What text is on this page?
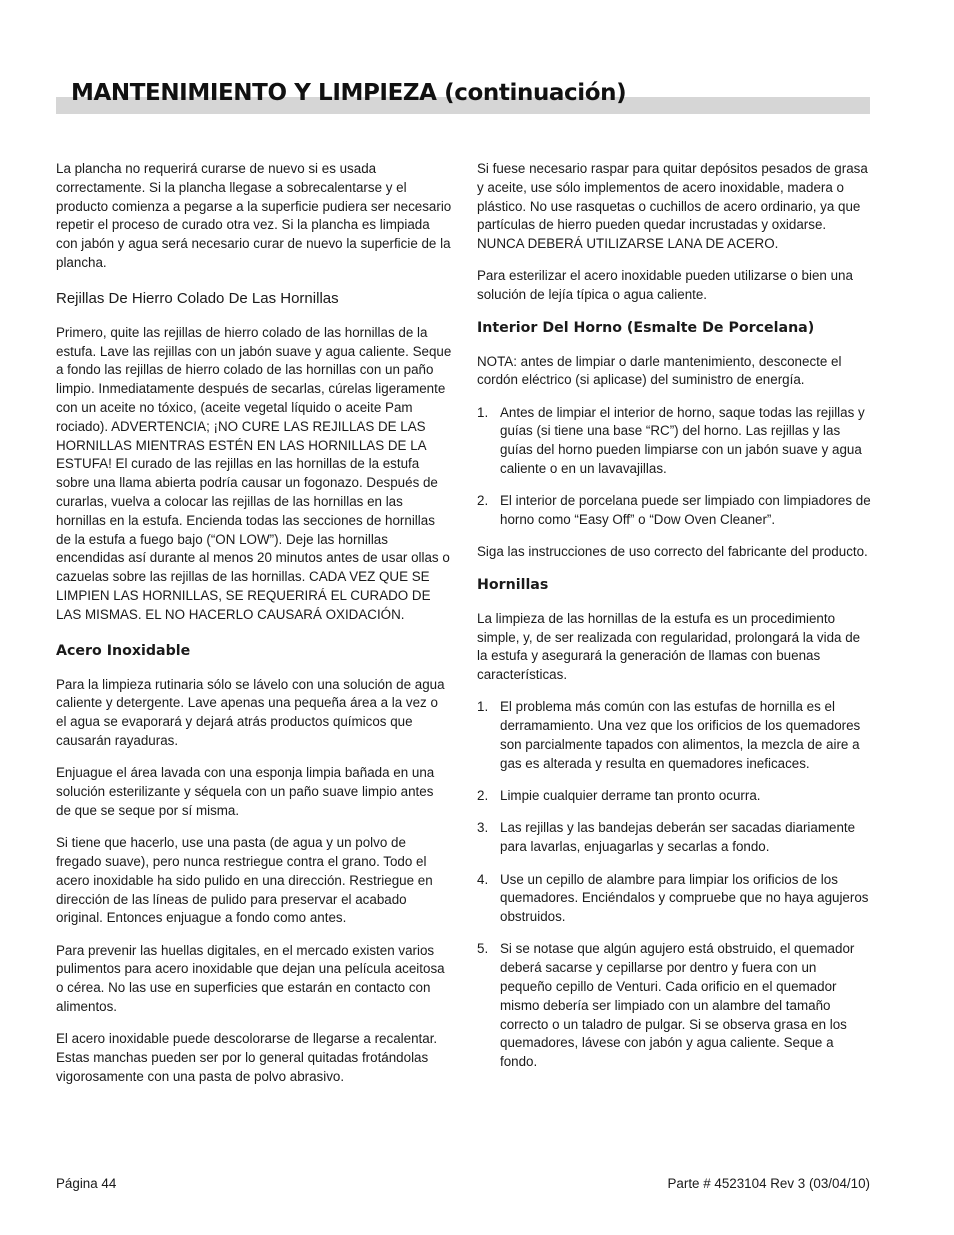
MANTENIMIENTO Y LIMPIEZA (continuación)

La plancha no requerirá curarse de nuevo si es usada correctamente. Si la plancha llegase a sobrecalentarse y el producto comienza a pegarse a la superficie pudiera ser necesario repetir el proceso de curado otra vez. Si la plancha es limpiada con jabón y agua será necesario curar de nuevo la superficie de la plancha.

Rejillas De Hierro Colado De Las Hornillas

Primero, quite las rejillas de hierro colado de las hornillas de la estufa. Lave las rejillas con un jabón suave y agua caliente. Seque a fondo las rejillas de hierro colado de las hornillas con un paño limpio. Inmediatamente después de secarlas, cúrelas ligeramente con un aceite no tóxico, (aceite vegetal líquido o aceite Pam rociado). ADVERTENCIA; ¡NO CURE LAS REJILLAS DE LAS HORNILLAS MIENTRAS ESTÉN EN LAS HORNILLAS DE LA ESTUFA! El curado de las rejillas en las hornillas de la estufa sobre una llama abierta podría causar un fogonazo. Después de curarlas, vuelva a colocar las rejillas de las hornillas en las hornillas en la estufa. Encienda todas las secciones de hornillas de la estufa a fuego bajo (“ON LOW”). Deje las hornillas encendidas así durante al menos 20 minutos antes de usar ollas o cazuelas sobre las rejillas de las hornillas. CADA VEZ QUE SE LIMPIEN LAS HORNILLAS, SE REQUERIRÁ EL CURADO DE LAS MISMAS. EL NO HACERLO CAUSARÁ OXIDACIÓN.

Acero Inoxidable

Para la limpieza rutinaria sólo se lávelo con una solución de agua caliente y detergente. Lave apenas una pequeña área a la vez o el agua se evaporará y dejará atrás productos químicos que causarán rayaduras.

Enjuague el área lavada con una esponja limpia bañada en una solución esterilizante y séquela con un paño suave limpio antes de que se seque por sí misma.

Si tiene que hacerlo, use una pasta (de agua y un polvo de fregado suave), pero nunca restriegue contra el grano. Todo el acero inoxidable ha sido pulido en una dirección. Restriegue en dirección de las líneas de pulido para preservar el acabado original. Entonces enjuague a fondo como antes.

Para prevenir las huellas digitales, en el mercado existen varios pulimentos para acero inoxidable que dejan una película aceitosa o cérea. No las use en superficies que estarán en contacto con alimentos.

El acero inoxidable puede descolorarse de llegarse a recalentar. Estas manchas pueden ser por lo general quitadas frotándolas vigorosamente con una pasta de polvo abrasivo.

Si fuese necesario raspar para quitar depósitos pesados de grasa y aceite, use sólo implementos de acero inoxidable, madera o plástico. No use rasquetas o cuchillos de acero ordinario, ya que partículas de hierro pueden quedar incrustadas y oxidarse. NUNCA DEBERÁ UTILIZARSE LANA DE ACERO.

Para esterilizar el acero inoxidable pueden utilizarse o bien una solución de lejía típica o agua caliente.

Interior Del Horno (Esmalte De Porcelana)

NOTA: antes de limpiar o darle mantenimiento, desconecte el cordón eléctrico (si aplicase) del suministro de energía.

1. Antes de limpiar el interior de horno, saque todas las rejillas y guías (si tiene una base “RC”) del horno. Las rejillas y las guías del horno pueden limpiarse con un jabón suave y agua caliente o en un lavavajillas.
2. El interior de porcelana puede ser limpiado con limpiadores de horno como “Easy Off” o “Dow Oven Cleaner”.

Siga las instrucciones de uso correcto del fabricante del producto.

Hornillas

La limpieza de las hornillas de la estufa es un procedimiento simple, y, de ser realizada con regularidad, prolongará la vida de la estufa y asegurará la generación de llamas con buenas características.

1. El problema más común con las estufas de hornilla es el derramamiento. Una vez que los orificios de los quemadores son parcialmente tapados con alimentos, la mezcla de aire a gas es alterada y resulta en quemadores ineficaces.
2. Limpie cualquier derrame tan pronto ocurra.
3. Las rejillas y las bandejas deberán ser sacadas diariamente para lavarlas, enjuagarlas y secarlas a fondo.
4. Use un cepillo de alambre para limpiar los orificios de los quemadores. Enciéndalos y compruebe que no haya agujeros obstruidos.
5. Si se notase que algún agujero está obstruido, el quemador deberá sacarse y cepillarse por dentro y fuera con un pequeño cepillo de Venturi. Cada orificio en el quemador mismo debería ser limpiado con un alambre del tamaño correcto o un taladro de pulgar. Si se observa grasa en los quemadores, lávese con jabón y agua caliente. Seque a fondo.
Página 44	Parte # 4523104 Rev 3 (03/04/10)
